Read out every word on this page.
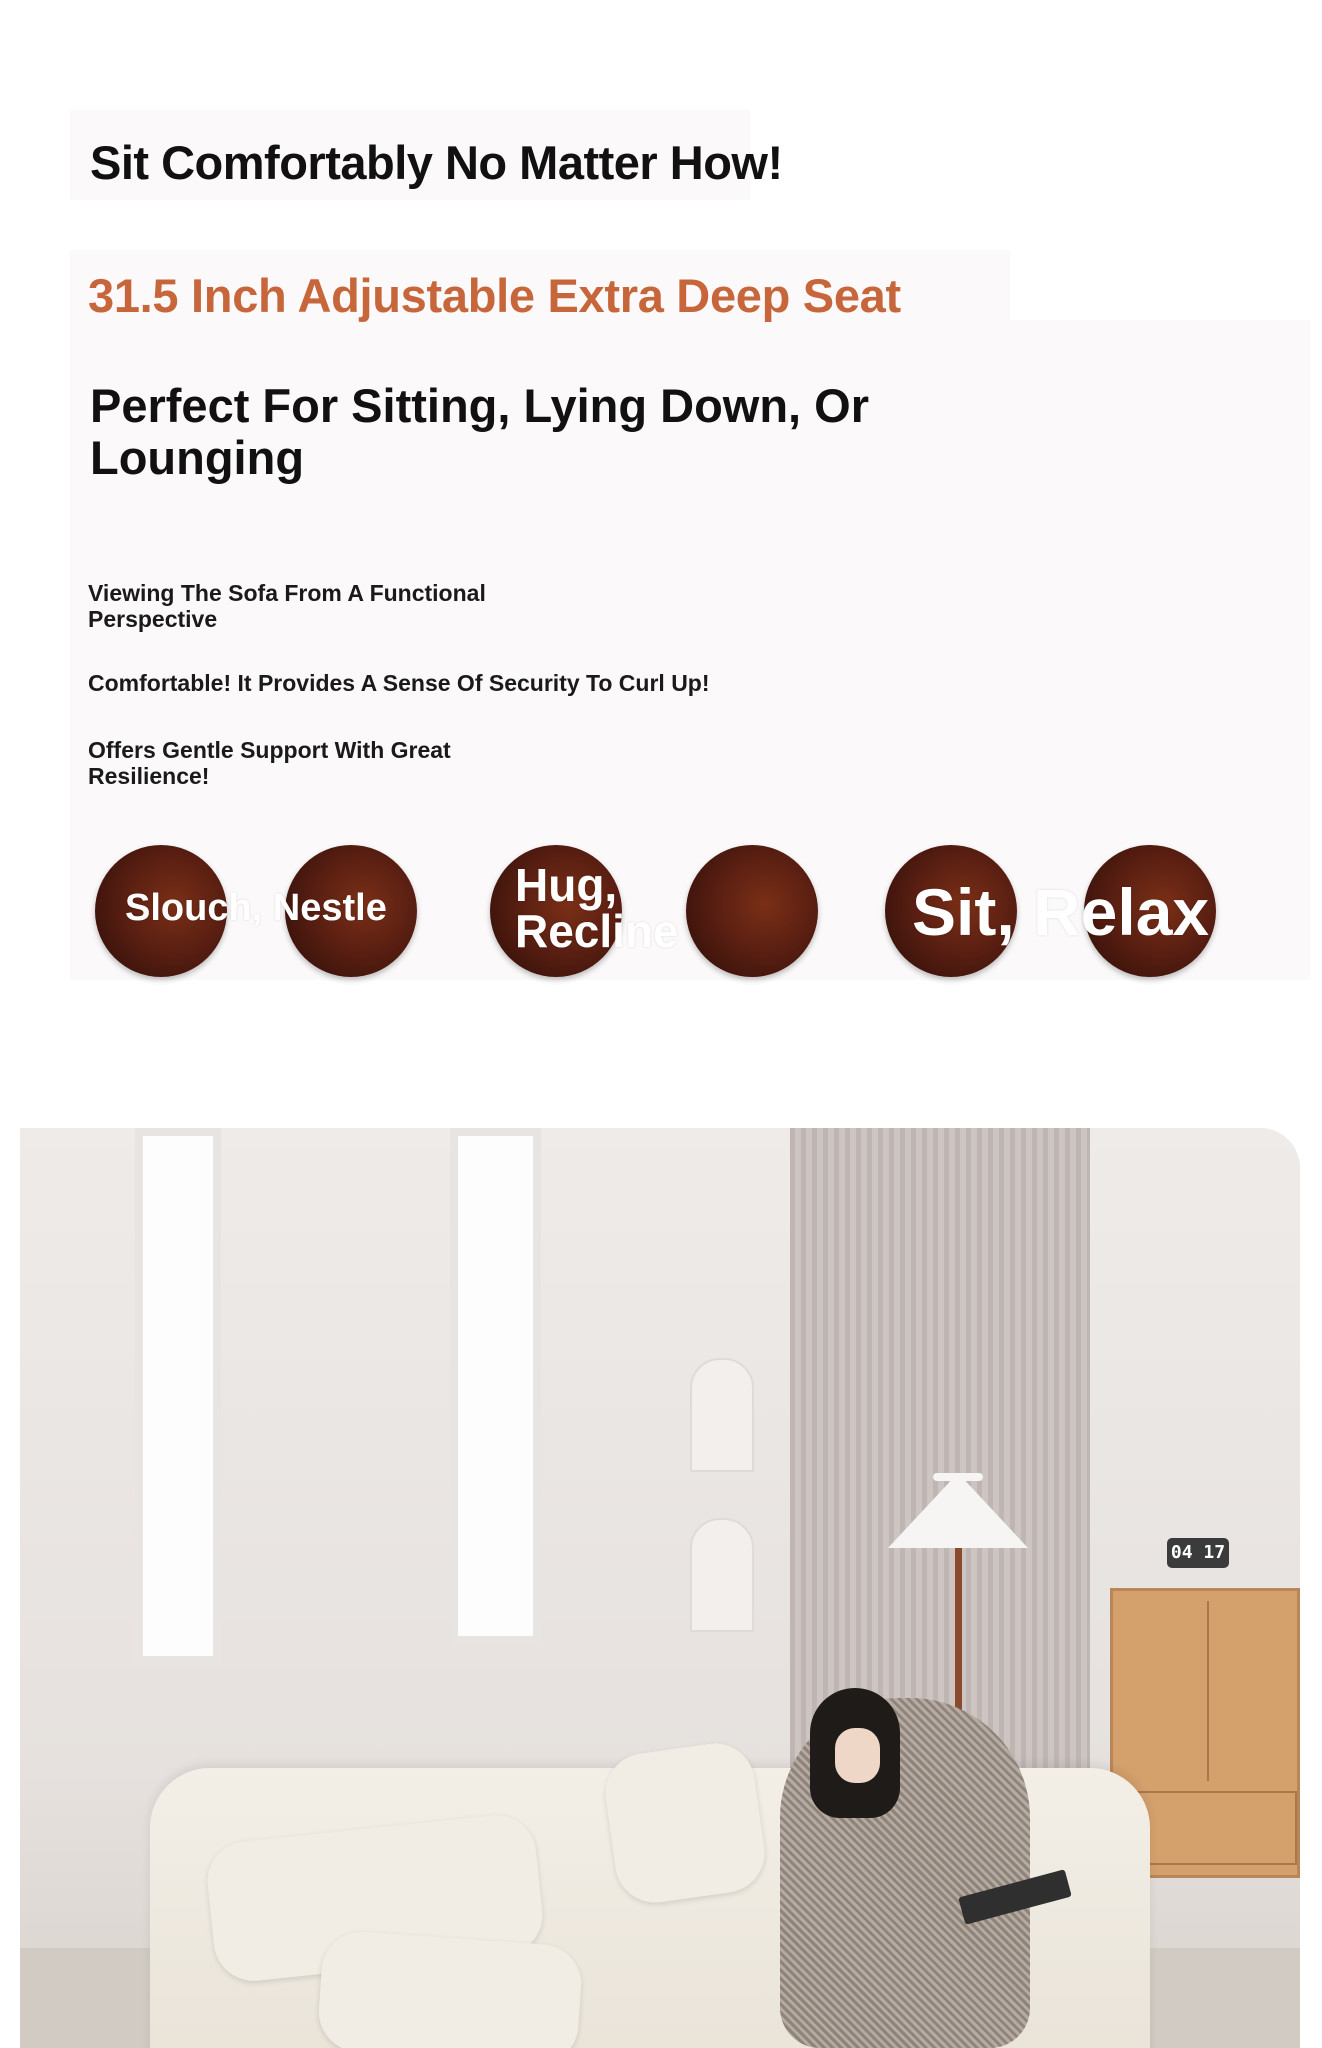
Sit Comfortably No Matter How!
31.5 Inch Adjustable Extra Deep Seat
Perfect For Sitting, Lying Down, Or Lounging

Viewing The Sofa From A Functional Perspective

Comfortable! It Provides A Sense Of Security To Curl Up!

Offers Gentle Support With Great Resilience!

Slouch, Nestle	Hug, Recline	Sit, Relax
04 17
